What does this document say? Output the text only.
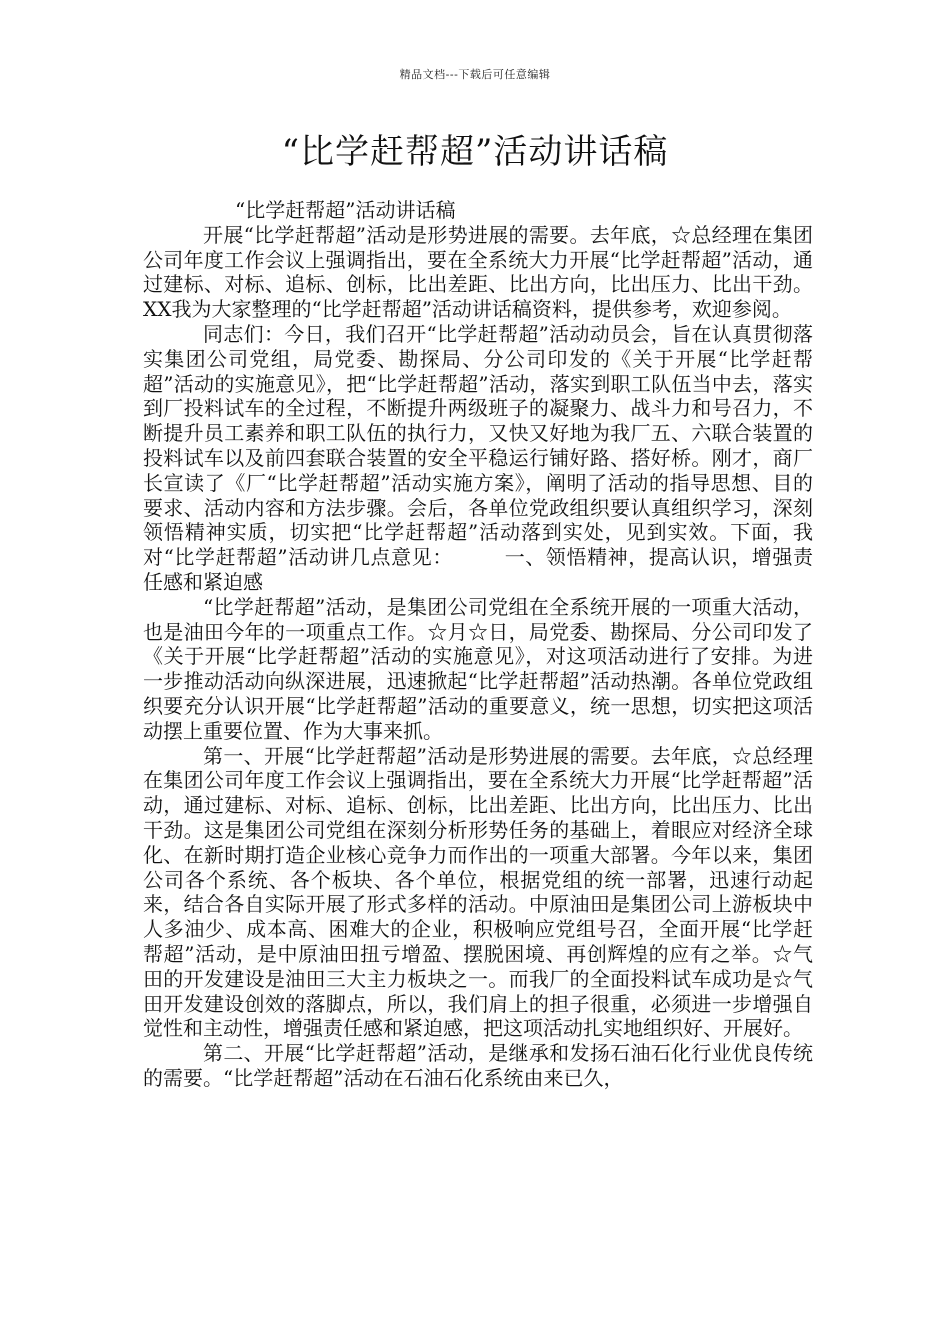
精品文档---下载后可任意编辑
“比学赶帮超”活动讲话稿

“比学赶帮超”活动讲话稿

开展“比学赶帮超”活动是形势进展的需要。去年底，☆总经理在集团公司年度工作会议上强调指出，要在全系统大力开展“比学赶帮超”活动，通过建标、对标、追标、创标，比出差距、比出方向，比出压力、比出干劲。XX我为大家整理的“比学赶帮超”活动讲话稿资料，提供参考，欢迎参阅。

同志们：今日，我们召开“比学赶帮超”活动动员会，旨在认真贯彻落实集团公司党组，局党委、勘探局、分公司印发的《关于开展“比学赶帮超”活动的实施意见》，把“比学赶帮超”活动，落实到职工队伍当中去，落实到厂投料试车的全过程，不断提升两级班子的凝聚力、战斗力和号召力，不断提升员工素养和职工队伍的执行力，又快又好地为我厂五、六联合装置的投料试车以及前四套联合装置的安全平稳运行铺好路、搭好桥。刚才，商厂长宣读了《厂“比学赶帮超”活动实施方案》，阐明了活动的指导思想、目的要求、活动内容和方法步骤。会后，各单位党政组织要认真组织学习，深刻领悟精神实质，切实把“比学赶帮超”活动落到实处，见到实效。下面，我对“比学赶帮超”活动讲几点意见：　　　一、领悟精神，提高认识，增强责任感和紧迫感

“比学赶帮超”活动，是集团公司党组在全系统开展的一项重大活动，也是油田今年的一项重点工作。☆月☆日，局党委、勘探局、分公司印发了《关于开展“比学赶帮超”活动的实施意见》，对这项活动进行了安排。为进一步推动活动向纵深进展，迅速掀起“比学赶帮超”活动热潮。各单位党政组织要充分认识开展“比学赶帮超”活动的重要意义，统一思想，切实把这项活动摆上重要位置、作为大事来抓。

第一、开展“比学赶帮超”活动是形势进展的需要。去年底，☆总经理在集团公司年度工作会议上强调指出，要在全系统大力开展“比学赶帮超”活动，通过建标、对标、追标、创标，比出差距、比出方向，比出压力、比出干劲。这是集团公司党组在深刻分析形势任务的基础上，着眼应对经济全球化、在新时期打造企业核心竞争力而作出的一项重大部署。今年以来，集团公司各个系统、各个板块、各个单位，根据党组的统一部署，迅速行动起来，结合各自实际开展了形式多样的活动。中原油田是集团公司上游板块中人多油少、成本高、困难大的企业，积极响应党组号召，全面开展“比学赶帮超”活动，是中原油田扭亏增盈、摆脱困境、再创辉煌的应有之举。☆气田的开发建设是油田三大主力板块之一。而我厂的全面投料试车成功是☆气田开发建设创效的落脚点，所以，我们肩上的担子很重，必须进一步增强自觉性和主动性，增强责任感和紧迫感，把这项活动扎实地组织好、开展好。

第二、开展“比学赶帮超”活动，是继承和发扬石油石化行业优良传统的需要。“比学赶帮超”活动在石油石化系统由来已久，
